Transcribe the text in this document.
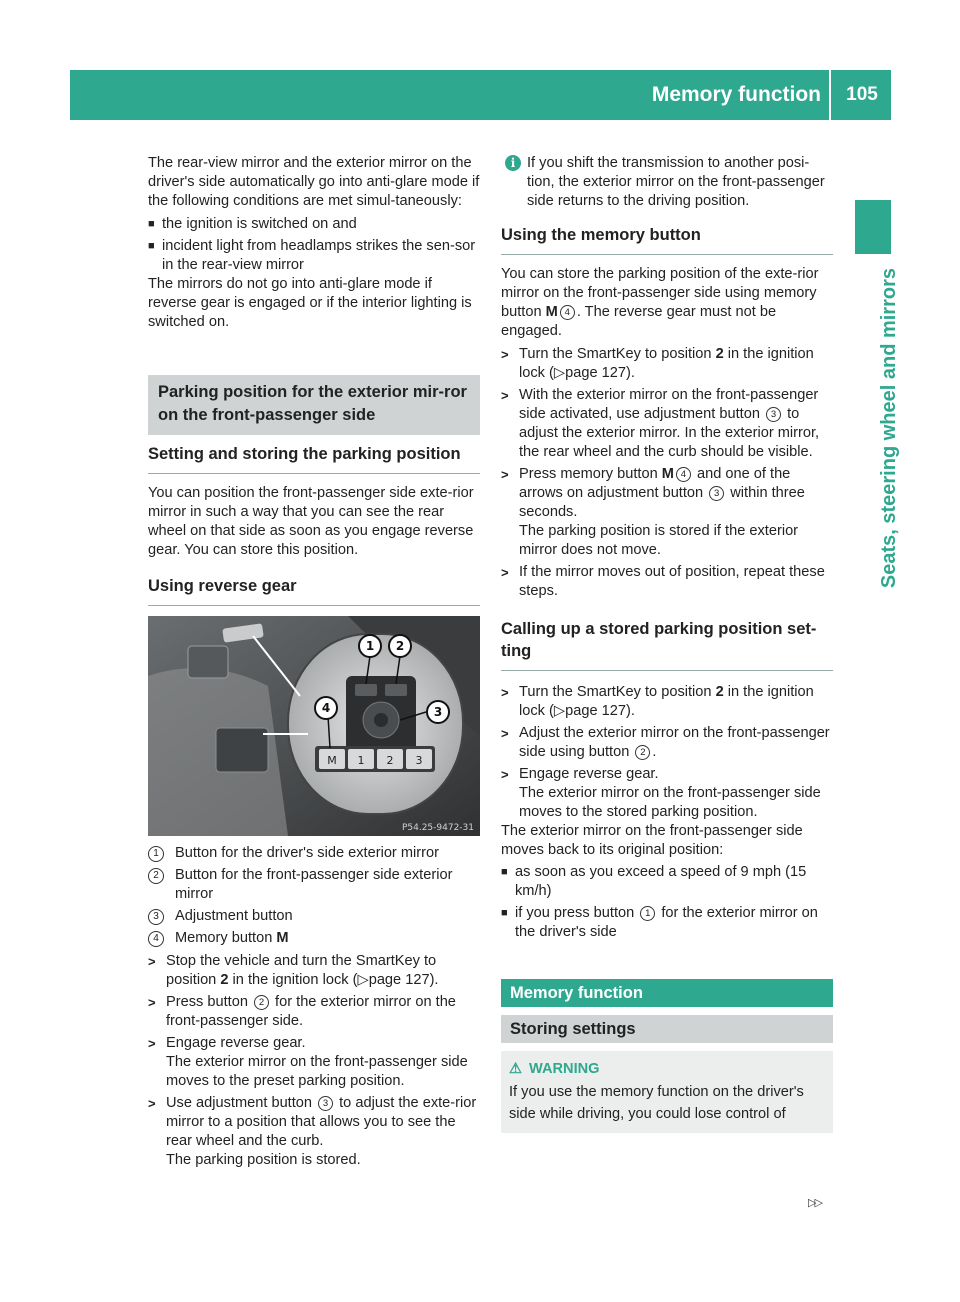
Memory function	105
Seats, steering wheel and mirrors

The rear-view mirror and the exterior mirror on the driver's side automatically go into anti-glare mode if the following conditions are met simul-taneously:

■ the ignition is switched on and

■ incident light from headlamps strikes the sen-sor in the rear-view mirror

The mirrors do not go into anti-glare mode if reverse gear is engaged or if the interior lighting is switched on.

Parking position for the exterior mir-ror on the front-passenger side
Setting and storing the parking position

You can position the front-passenger side exte-rior mirror in such a way that you can see the rear wheel on that side as soon as you engage reverse gear. You can store this position.

Using reverse gear
M 1 2 3
1 2
3
4
P54.25-9472-31

1	Button for the driver's side exterior mirror

2	Button for the front-passenger side exterior mirror

3	Adjustment button

4	Memory button M

> Stop the vehicle and turn the SmartKey to position 2 in the ignition lock (▷page 127).

> Press button 2 for the exterior mirror on the front-passenger side.

> Engage reverse gear.
The exterior mirror on the front-passenger side moves to the preset parking position.

> Use adjustment button 3 to adjust the exte-rior mirror to a position that allows you to see the rear wheel and the curb.
The parking position is stored.

i If you shift the transmission to another posi-tion, the exterior mirror on the front-passenger side returns to the driving position.

Using the memory button

You can store the parking position of the exte-rior mirror on the front-passenger side using memory button M 4 . The reverse gear must not be engaged.

> Turn the SmartKey to position 2 in the ignition lock (▷page 127).

> With the exterior mirror on the front-passenger side activated, use adjustment button 3 to adjust the exterior mirror. In the exterior mirror, the rear wheel and the curb should be visible.

> Press memory button M 4 and one of the arrows on adjustment button 3 within three seconds.
The parking position is stored if the exterior mirror does not move.

> If the mirror moves out of position, repeat these steps.

Calling up a stored parking position set-ting

> Turn the SmartKey to position 2 in the ignition lock (▷page 127).

> Adjust the exterior mirror on the front-passenger side using button 2 .

> Engage reverse gear.
The exterior mirror on the front-passenger side moves to the stored parking position.

The exterior mirror on the front-passenger side moves back to its original position:

■ as soon as you exceed a speed of 9 mph (15 km/h)

■ if you press button 1 for the exterior mirror on the driver's side

Memory function
Storing settings
⚠ WARNING

If you use the memory function on the driver's side while driving, you could lose control of

▷▷
